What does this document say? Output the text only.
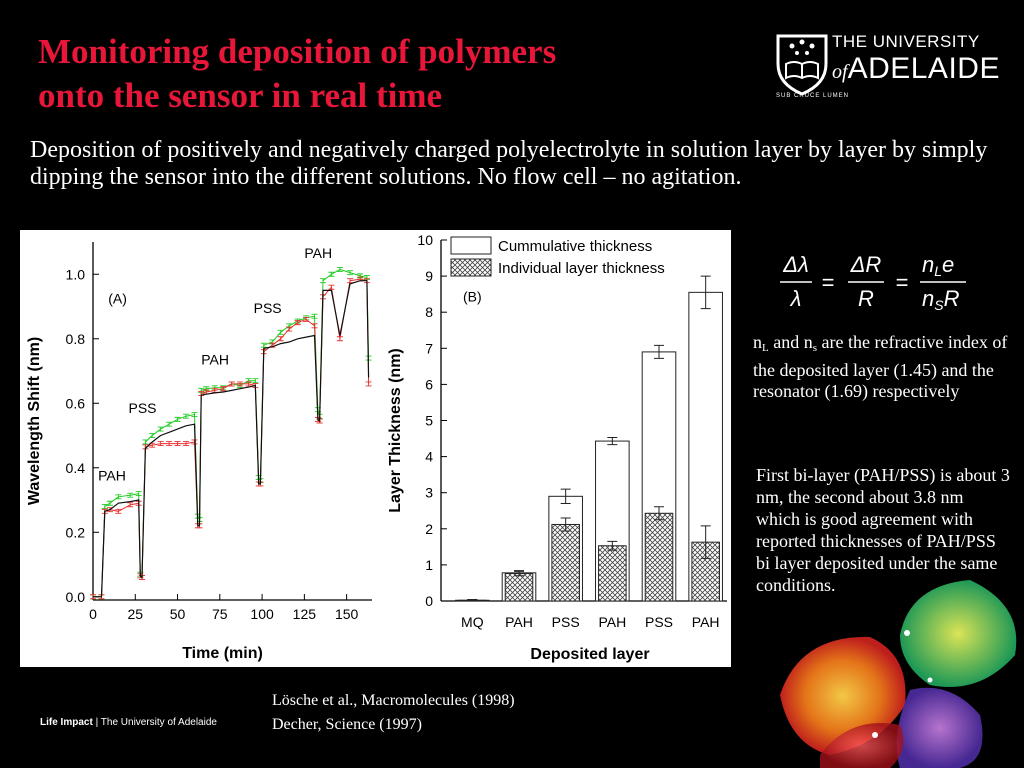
Monitoring deposition of polymers
onto the sensor in real time
THE UNIVERSITY
ofADELAIDE
SUB CRUCE LUMEN
Deposition of positively and negatively charged polyelectrolyte in solution layer by layer by simply dipping the sensor into the different solutions. No flow cell – no agitation.
0.0
0.2
0.4
0.6
0.8
1.0
0 25 50 75 100 125 150
Time (min)
Wavelength Shift (nm)
(A)
PAH
PSS
PAH
PSS
PAH
0
1
2
3
4
5
6
7
8
9
10
MQ PAH PSS PAH PSS PAH
Deposited layer
Layer Thickness (nm)
(B)
Cummulative thickness
Individual layer thickness	Δλ
λ
=
ΔR
R
=
nLe
nSR
$n_L$ and $n_s$ are the refractive index of the deposited layer (1.45) and the resonator (1.69) respectively
First bi-layer (PAH/PSS) is about 3 nm, the second about 3.8 nm which is good agreement with reported thicknesses of PAH/PSS bi layer deposited under the same conditions.
Lösche et al., Macromolecules (1998)
Decher, Science (1997)
Life Impact | The University of Adelaide
